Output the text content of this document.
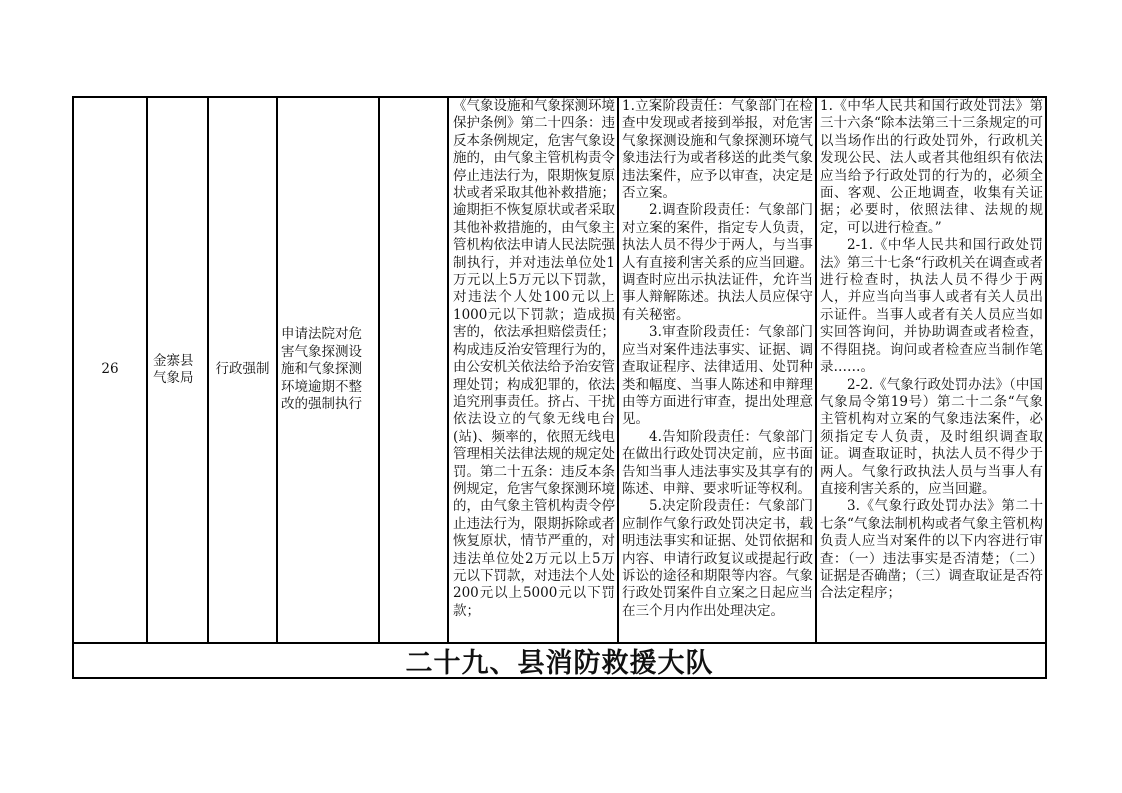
26
金寨县气象局
行政强制
申请法院对危害气象探测设施和气象探测环境逾期不整改的强制执行

《气象设施和气象探测环境保护条例》第二十四条：违反本条例规定，危害气象设施的，由气象主管机构责令停止违法行为，限期恢复原状或者采取其他补救措施；逾期拒不恢复原状或者采取其他补救措施的，由气象主管机构依法申请人民法院强制执行，并对违法单位处1万元以上5万元以下罚款，对违法个人处100元以上1000元以下罚款；造成损害的，依法承担赔偿责任；构成违反治安管理行为的，由公安机关依法给予治安管理处罚；构成犯罪的，依法追究刑事责任。挤占、干扰依法设立的气象无线电台(站)、频率的，依照无线电管理相关法律法规的规定处罚。第二十五条：违反本条例规定，危害气象探测环境的，由气象主管机构责令停止违法行为，限期拆除或者恢复原状，情节严重的，对违法单位处2万元以上5万元以下罚款，对违法个人处200元以上5000元以下罚款；

1.立案阶段责任：气象部门在检查中发现或者接到举报，对危害气象探测设施和气象探测环境气象违法行为或者移送的此类气象违法案件，应予以审查，决定是否立案。

2.调查阶段责任：气象部门对立案的案件，指定专人负责，执法人员不得少于两人，与当事人有直接利害关系的应当回避。调查时应出示执法证件，允许当事人辩解陈述。执法人员应保守有关秘密。

3.审查阶段责任：气象部门应当对案件违法事实、证据、调查取证程序、法律适用、处罚种类和幅度、当事人陈述和申辩理由等方面进行审查，提出处理意见。

4.告知阶段责任：气象部门在做出行政处罚决定前，应书面告知当事人违法事实及其享有的陈述、申辩、要求听证等权利。

5.决定阶段责任：气象部门应制作气象行政处罚决定书，载明违法事实和证据、处罚依据和内容、申请行政复议或提起行政诉讼的途径和期限等内容。气象行政处罚案件自立案之日起应当在三个月内作出处理决定。

1.《中华人民共和国行政处罚法》第三十六条“除本法第三十三条规定的可以当场作出的行政处罚外，行政机关发现公民、法人或者其他组织有依法应当给予行政处罚的行为的，必须全面、客观、公正地调查，收集有关证据；必要时，依照法律、法规的规定，可以进行检查。”

2-1.《中华人民共和国行政处罚法》第三十七条“行政机关在调查或者进行检查时，执法人员不得少于两人，并应当向当事人或者有关人员出示证件。当事人或者有关人员应当如实回答询问，并协助调查或者检查，不得阻挠。询问或者检查应当制作笔录……。

2-2.《气象行政处罚办法》（中国气象局令第19号）第二十二条“气象主管机构对立案的气象违法案件，必须指定专人负责，及时组织调查取证。调查取证时，执法人员不得少于两人。气象行政执法人员与当事人有直接利害关系的，应当回避。

3.《气象行政处罚办法》第二十七条“气象法制机构或者气象主管机构负责人应当对案件的以下内容进行审查：（一）违法事实是否清楚；（二）证据是否确凿；（三）调查取证是否符合法定程序；

二十九、县消防救援大队
